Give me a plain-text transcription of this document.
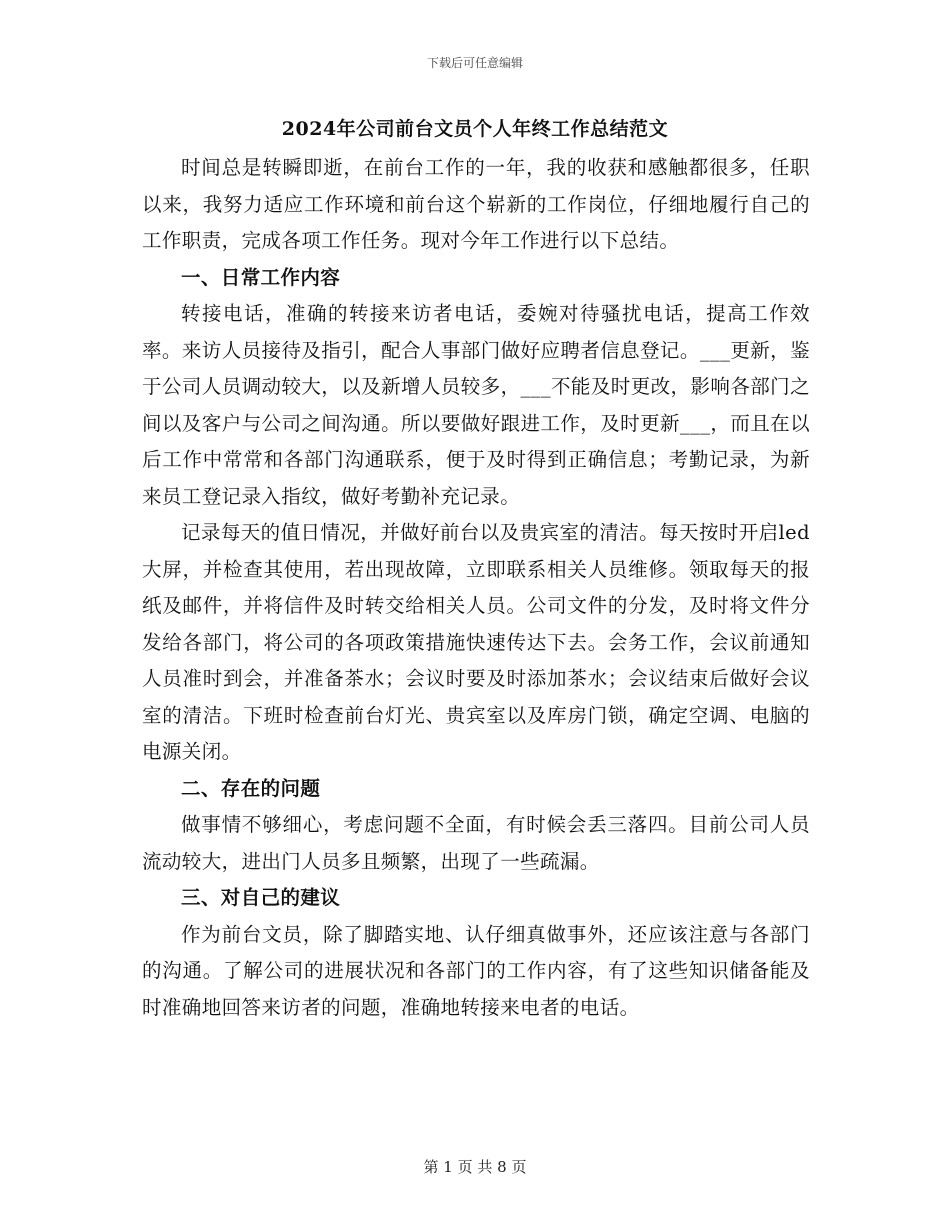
下载后可任意编辑
2024年公司前台文员个人年终工作总结范文

时间总是转瞬即逝，在前台工作的一年，我的收获和感触都很多，任职以来，我努力适应工作环境和前台这个崭新的工作岗位，仔细地履行自己的工作职责，完成各项工作任务。现对今年工作进行以下总结。

一、日常工作内容

转接电话，准确的转接来访者电话，委婉对待骚扰电话，提高工作效率。来访人员接待及指引，配合人事部门做好应聘者信息登记。___更新，鉴于公司人员调动较大，以及新增人员较多，___不能及时更改，影响各部门之间以及客户与公司之间沟通。所以要做好跟进工作，及时更新___，而且在以后工作中常常和各部门沟通联系，便于及时得到正确信息；考勤记录，为新来员工登记录入指纹，做好考勤补充记录。

记录每天的值日情况，并做好前台以及贵宾室的清洁。每天按时开启led大屏，并检查其使用，若出现故障，立即联系相关人员维修。领取每天的报纸及邮件，并将信件及时转交给相关人员。公司文件的分发，及时将文件分发给各部门，将公司的各项政策措施快速传达下去。会务工作，会议前通知人员准时到会，并准备茶水；会议时要及时添加茶水；会议结束后做好会议室的清洁。下班时检查前台灯光、贵宾室以及库房门锁，确定空调、电脑的电源关闭。

二、存在的问题

做事情不够细心，考虑问题不全面，有时候会丢三落四。目前公司人员流动较大，进出门人员多且频繁，出现了一些疏漏。

三、对自己的建议

作为前台文员，除了脚踏实地、认仔细真做事外，还应该注意与各部门的沟通。了解公司的进展状况和各部门的工作内容，有了这些知识储备能及时准确地回答来访者的问题，准确地转接来电者的电话。

第 1 页 共 8 页
